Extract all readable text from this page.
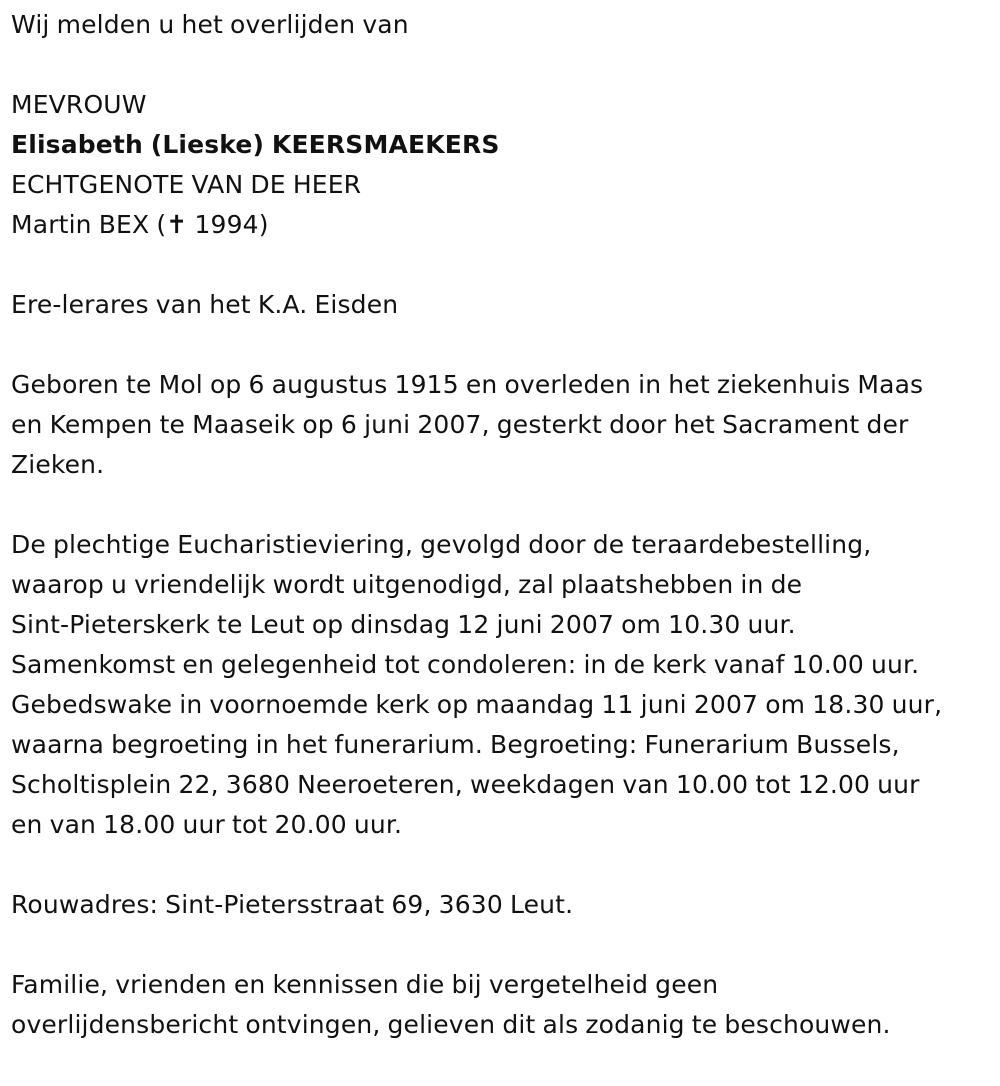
Wij melden u het overlijden van

MEVROUW

Elisabeth (Lieske) KEERSMAEKERS

ECHTGENOTE VAN DE HEER

Martin BEX (✝ 1994)

Ere-lerares van het K.A. Eisden

Geboren te Mol op 6 augustus 1915 en overleden in het ziekenhuis Maas

en Kempen te Maaseik op 6 juni 2007, gesterkt door het Sacrament der

Zieken.

De plechtige Eucharistieviering, gevolgd door de teraardebestelling,

waarop u vriendelijk wordt uitgenodigd, zal plaatshebben in de

Sint-Pieterskerk te Leut op dinsdag 12 juni 2007 om 10.30 uur.

Samenkomst en gelegenheid tot condoleren: in de kerk vanaf 10.00 uur.

Gebedswake in voornoemde kerk op maandag 11 juni 2007 om 18.30 uur,

waarna begroeting in het funerarium. Begroeting: Funerarium Bussels,

Scholtisplein 22, 3680 Neeroeteren, weekdagen van 10.00 tot 12.00 uur

en van 18.00 uur tot 20.00 uur.

Rouwadres: Sint-Pietersstraat 69, 3630 Leut.

Familie, vrienden en kennissen die bij vergetelheid geen

overlijdensbericht ontvingen, gelieven dit als zodanig te beschouwen.
